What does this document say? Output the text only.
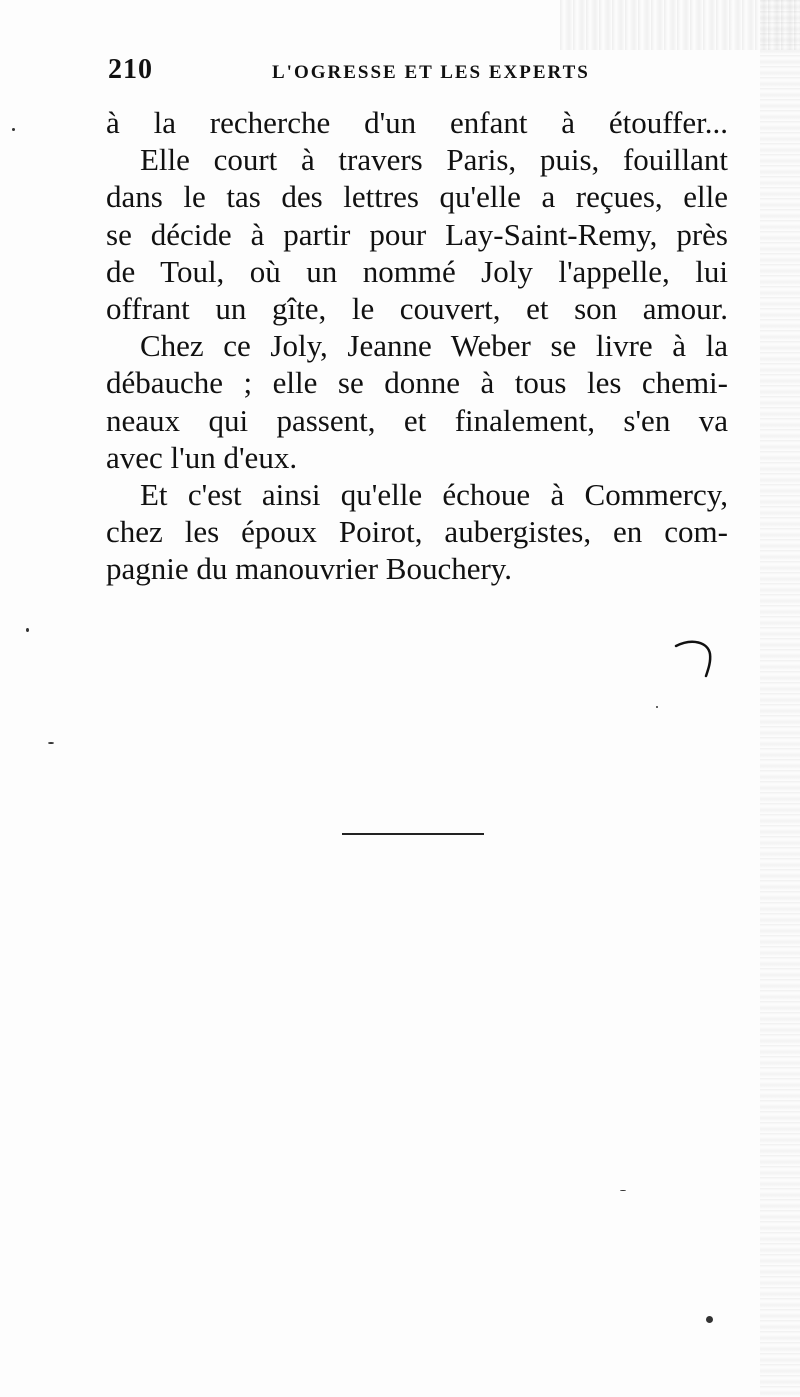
210	L'OGRESSE ET LES EXPERTS
à la recherche d'un enfant à étouffer...
Elle court à travers Paris, puis, fouillant
dans le tas des lettres qu'elle a reçues, elle
se décide à partir pour Lay-Saint-Remy, près
de Toul, où un nommé Joly l'appelle, lui
offrant un gîte, le couvert, et son amour.
Chez ce Joly, Jeanne Weber se livre à la
débauche ; elle se donne à tous les chemi-
neaux qui passent, et finalement, s'en va
avec l'un d'eux.
Et c'est ainsi qu'elle échoue à Commercy,
chez les époux Poirot, aubergistes, en com-
pagnie du manouvrier Bouchery.
